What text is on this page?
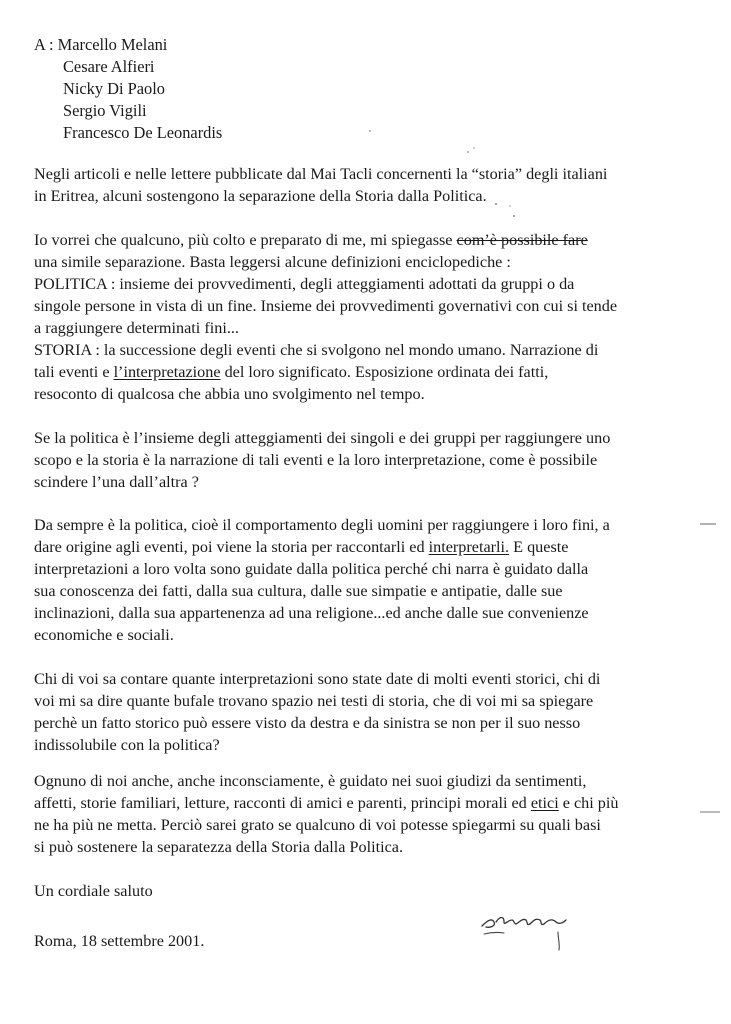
A : Marcello Melani
Cesare Alfieri
Nicky Di Paolo
Sergio Vigili
Francesco De Leonardis
Negli articoli e nelle lettere pubblicate dal Mai Tacli concernenti la “storia” degli italiani
in Eritrea, alcuni sostengono la separazione della Storia dalla Politica.
Io vorrei che qualcuno, più colto e preparato di me, mi spiegasse com’è possibile fare
una simile separazione. Basta leggersi alcune definizioni enciclopediche :
POLITICA : insieme dei provvedimenti, degli atteggiamenti adottati da gruppi o da
singole persone in vista di un fine. Insieme dei provvedimenti governativi con cui si tende
a raggiungere determinati fini...
STORIA : la successione degli eventi che si svolgono nel mondo umano. Narrazione di
tali eventi e l’interpretazione del loro significato. Esposizione ordinata dei fatti,
resoconto di qualcosa che abbia uno svolgimento nel tempo.
Se la politica è l’insieme degli atteggiamenti dei singoli e dei gruppi per raggiungere uno
scopo e la storia è la narrazione di tali eventi e la loro interpretazione, come è possibile
scindere l’una dall’altra ?
Da sempre è la politica, cioè il comportamento degli uomini per raggiungere i loro fini, a
dare origine agli eventi, poi viene la storia per raccontarli ed interpretarli. E queste
interpretazioni a loro volta sono guidate dalla politica perché chi narra è guidato dalla
sua conoscenza dei fatti, dalla sua cultura, dalle sue simpatie e antipatie, dalle sue
inclinazioni, dalla sua appartenenza ad una religione...ed anche dalle sue convenienze
economiche e sociali.
Chi di voi sa contare quante interpretazioni sono state date di molti eventi storici, chi di
voi mi sa dire quante bufale trovano spazio nei testi di storia, che di voi mi sa spiegare
perchè un fatto storico può essere visto da destra e da sinistra se non per il suo nesso
indissolubile con la politica?
Ognuno di noi anche, anche inconsciamente, è guidato nei suoi giudizi da sentimenti,
affetti, storie familiari, letture, racconti di amici e parenti, principi morali ed etici e chi più
ne ha più ne metta. Perciò sarei grato se qualcuno di voi potesse spiegarmi su quali basi
si può sostenere la separatezza della Storia dalla Politica.
Un cordiale saluto
Roma, 18 settembre 2001.
